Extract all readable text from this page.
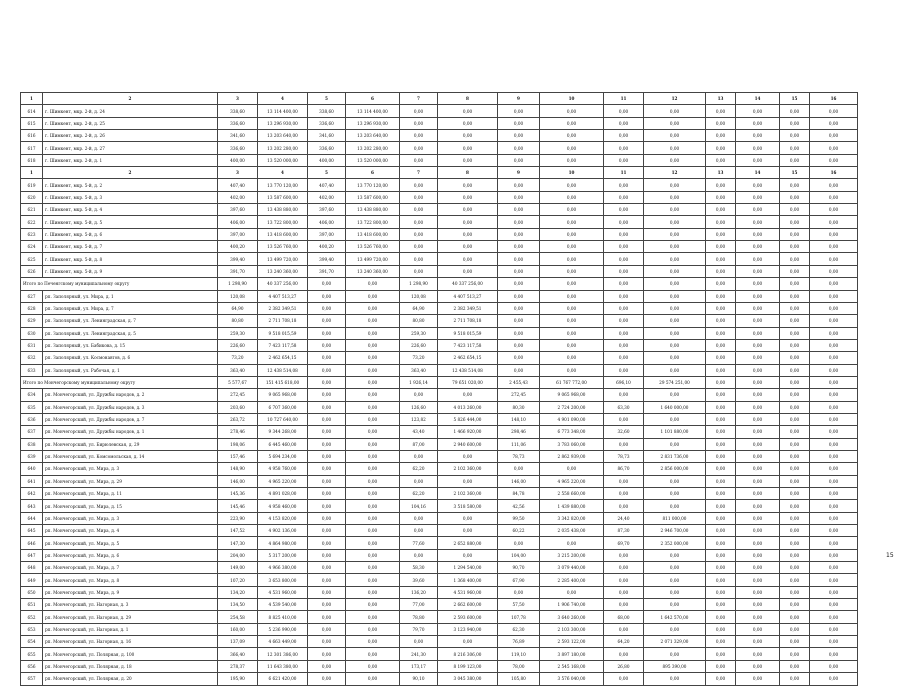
1	2	3	4	5	6	7	8	9	10	11	12	13	14	15	16
614	г. Шимкент, мкр. 2-й, д. 24	338,60	13 114 400,00	338,60	13 114 400,00	0,00	0,00	0,00	0,00	0,00	0,00	0,00	0,00	0,00	0,00
615	г. Шимкент, мкр. 2-й, д. 25	336,60	13 296 930,00	336,60	13 296 930,00	0,00	0,00	0,00	0,00	0,00	0,00	0,00	0,00	0,00	0,00
616	г. Шимкент, мкр. 2-й, д. 26	341,60	13 203 640,00	341,60	13 203 640,00	0,00	0,00	0,00	0,00	0,00	0,00	0,00	0,00	0,00	0,00
617	г. Шимкент, мкр. 2-й, д. 27	336,60	13 202 280,00	336,60	13 202 280,00	0,00	0,00	0,00	0,00	0,00	0,00	0,00	0,00	0,00	0,00
618	г. Шимкент, мкр. 2-й, д. 1	400,00	13 520 000,00	400,00	13 520 000,00	0,00	0,00	0,00	0,00	0,00	0,00	0,00	0,00	0,00	0,00
1	2	3	4	5	6	7	8	9	10	11	12	13	14	15	16
619	г. Шимкент, мкр. 5-й, д. 2	407,40	13 770 120,00	407,40	13 770 120,00	0,00	0,00	0,00	0,00	0,00	0,00	0,00	0,00	0,00	0,00
620	г. Шимкент, мкр. 5-й, д. 3	402,00	13 587 600,00	402,00	13 587 600,00	0,00	0,00	0,00	0,00	0,00	0,00	0,00	0,00	0,00	0,00
621	г. Шимкент, мкр. 5-й, д. 4	397,60	13 438 880,00	397,60	13 438 880,00	0,00	0,00	0,00	0,00	0,00	0,00	0,00	0,00	0,00	0,00
622	г. Шимкент, мкр. 5-й, д. 5	406,00	13 722 800,00	406,00	13 722 800,00	0,00	0,00	0,00	0,00	0,00	0,00	0,00	0,00	0,00	0,00
623	г. Шимкент, мкр. 5-й, д. 6	397,00	13 418 600,00	397,00	13 418 600,00	0,00	0,00	0,00	0,00	0,00	0,00	0,00	0,00	0,00	0,00
624	г. Шимкент, мкр. 5-й, д. 7	400,20	13 526 760,00	400,20	13 526 760,00	0,00	0,00	0,00	0,00	0,00	0,00	0,00	0,00	0,00	0,00
625	г. Шимкент, мкр. 5-й, д. 8	399,40	13 499 720,00	399,40	13 499 720,00	0,00	0,00	0,00	0,00	0,00	0,00	0,00	0,00	0,00	0,00
626	г. Шимкент, мкр. 5-й, д. 9	391,70	13 240 360,00	391,70	13 240 360,00	0,00	0,00	0,00	0,00	0,00	0,00	0,00	0,00	0,00	0,00
Итого по Печенгскому муниципальному округу		1 298,90	40 337 256,00	0,00	0,00	1 298,90	40 337 256,00	0,00	0,00	0,00	0,00	0,00	0,00	0,00	0,00
627	рп. Заполярный, ул. Мира, д. 1	120,08	4 407 513,27	0,00	0,00	120,08	4 407 513,27	0,00	0,00	0,00	0,00	0,00	0,00	0,00	0,00
628	рп. Заполярный, ул. Мира, д. 7	64,90	2 382 349,51	0,00	0,00	64,90	2 382 349,51	0,00	0,00	0,00	0,00	0,00	0,00	0,00	0,00
629	рп. Заполярный, ул. Ленинградская, д. 7	80,80	2 711 708,18	0,00	0,00	80,80	2 711 708,18	0,00	0,00	0,00	0,00	0,00	0,00	0,00	0,00
630	рп. Заполярный, ул. Ленинградская, д. 5	259,30	9 518 015,59	0,00	0,00	259,30	9 518 015,59	0,00	0,00	0,00	0,00	0,00	0,00	0,00	0,00
631	рп. Заполярный, ул. Бабикова, д. 15	226,60	7 423 117,58	0,00	0,00	226,60	7 423 117,58	0,00	0,00	0,00	0,00	0,00	0,00	0,00	0,00
632	рп. Заполярный, ул. Космонавтов, д. 6	73,20	2 462 654,15	0,00	0,00	73,20	2 462 654,15	0,00	0,00	0,00	0,00	0,00	0,00	0,00	0,00
633	рп. Заполярный, ул. Рабочая, д. 1	363,40	12 438 514,08	0,00	0,00	363,40	12 438 514,08	0,00	0,00	0,00	0,00	0,00	0,00	0,00	0,00
Итого по Мончегорскому муниципальному округу		5 577,67	151 415 618,00	0,00	0,00	1 926,14	79 651 020,00	2 455,43	61 767 772,00	696,10	29 574 251,00	0,00	0,00	0,00	0,00
634	рп. Мончегорский, ул. Дружбы народов, д. 2	272,45	9 065 968,00	0,00	0,00	0,00	0,00	272,45	9 065 968,00	0,00	0,00	0,00	0,00	0,00	0,00
635	рп. Мончегорский, ул. Дружбы народов, д. 3	203,60	6 707 360,00	0,00	0,00	126,60	4 013 260,00	80,30	2 724 200,00	63,30	1 640 000,00	0,00	0,00	0,00	0,00
636	рп. Мончегорский, ул. Дружбы народов, д. 7	263,72	10 727 640,00	0,00	0,00	123,82	5 826 444,00	148,10	4 901 090,00	0,00	0,00	0,00	0,00	0,00	0,00
637	рп. Мончегорский, ул. Дружбы народов, д. 1	278,46	9 344 268,00	0,00	0,00	43,40	1 466 920,00	298,46	6 773 348,00	32,60	1 101 880,00	0,00	0,00	0,00	0,00
638	рп. Мончегорский, ул. Бирюлевская, д. 29	198,06	6 445 460,00	0,00	0,00	87,00	2 940 600,00	111,06	3 783 060,00	0,00	0,00	0,00	0,00	0,00	0,00
639	рп. Мончегорский, ул. Комсомольская, д. 14	157,46	5 694 234,00	0,00	0,00	0,00	0,00	78,73	2 862 939,00	78,73	2 831 736,00	0,00	0,00	0,00	0,00
640	рп. Мончегорский, ул. Мира, д. 3	148,90	4 958 760,00	0,00	0,00	62,20	2 102 360,00	0,00	0,00	86,70	2 856 000,00	0,00	0,00	0,00	0,00
641	рп. Мончегорский, ул. Мира, д. 29	146,00	4 965 220,00	0,00	0,00	0,00	0,00	146,00	4 965 220,00	0,00	0,00	0,00	0,00	0,00	0,00
642	рп. Мончегорский, ул. Мира, д. 11	145,36	4 891 028,00	0,00	0,00	62,20	2 102 360,00	84,78	2 558 660,00	0,00	0,00	0,00	0,00	0,00	0,00
643	рп. Мончегорский, ул. Мира, д. 15	145,46	4 958 460,00	0,00	0,00	104,16	3 518 580,00	42,56	1 439 880,00	0,00	0,00	0,00	0,00	0,00	0,00
644	рп. Мончегорский, ул. Мира, д. 3	223,90	4 153 820,00	0,00	0,00	0,00	0,00	99,50	3 342 820,00	24,40	811 000,00	0,00	0,00	0,00	0,00
645	рп. Мончегорский, ул. Мира, д. 4	147,52	4 902 136,00	0,00	0,00	0,00	0,00	60,22	2 035 438,00	87,30	2 946 700,00	0,00	0,00	0,00	0,00
646	рп. Мончегорский, ул. Мира, д. 5	147,30	4 864 980,00	0,00	0,00	77,60	2 652 880,00	0,00	0,00	69,70	2 352 000,00	0,00	0,00	0,00	0,00
647	рп. Мончегорский, ул. Мира, д. 6	204,00	5 317 200,00	0,00	0,00	0,00	0,00	104,00	3 215 200,00	0,00	0,00	0,00	0,00	0,00	0,00
648	рп. Мончегорский, ул. Мира, д. 7	149,00	4 966 380,00	0,00	0,00	58,30	1 294 540,00	90,70	3 079 440,00	0,00	0,00	0,00	0,00	0,00	0,00
649	рп. Мончегорский, ул. Мира, д. 8	107,20	3 653 800,00	0,00	0,00	39,60	1 368 400,00	67,90	2 285 400,00	0,00	0,00	0,00	0,00	0,00	0,00
650	рп. Мончегорский, ул. Мира, д. 9	134,20	4 531 960,00	0,00	0,00	136,20	4 531 960,00	0,00	0,00	0,00	0,00	0,00	0,00	0,00	0,00
651	рп. Мончегорский, ул. Нагорная, д. 3	134,50	4 539 540,00	0,00	0,00	77,00	2 662 600,00	57,50	1 906 740,00	0,00	0,00	0,00	0,00	0,00	0,00
652	рп. Мончегорский, ул. Нагорная, д. 29	254,58	8 825 410,00	0,00	0,00	78,80	2 593 600,00	107,78	3 640 260,00	68,00	1 642 570,00	0,00	0,00	0,00	0,00
653	рп. Мончегорский, ул. Нагорная, д. 1	160,00	5 236 990,00	0,00	0,00	79,70	3 123 940,00	62,30	2 103 300,00	0,00	0,00	0,00	0,00	0,00	0,00
654	рп. Мончегорский, ул. Нагорная, д. 16	137,09	4 663 449,00	0,00	0,00	0,00	0,00	76,89	2 593 122,00	64,20	2 071 329,00	0,00	0,00	0,00	0,00
655	рп. Мончегорский, ул. Полярная, д. 100	366,40	12 301 386,00	0,00	0,00	241,30	8 216 306,00	119,10	3 897 180,00	0,00	0,00	0,00	0,00	0,00	0,00
656	рп. Мончегорский, ул. Полярная, д. 18	278,37	11 643 380,00	0,00	0,00	173,17	8 199 123,00	78,00	2 545 168,00	26,80	895 390,00	0,00	0,00	0,00	0,00
657	рп. Мончегорский, ул. Полярная, д. 20	195,90	6 621 420,00	0,00	0,00	90,10	3 045 380,00	105,80	3 576 040,00	0,00	0,00	0,00	0,00	0,00	0,00
15
